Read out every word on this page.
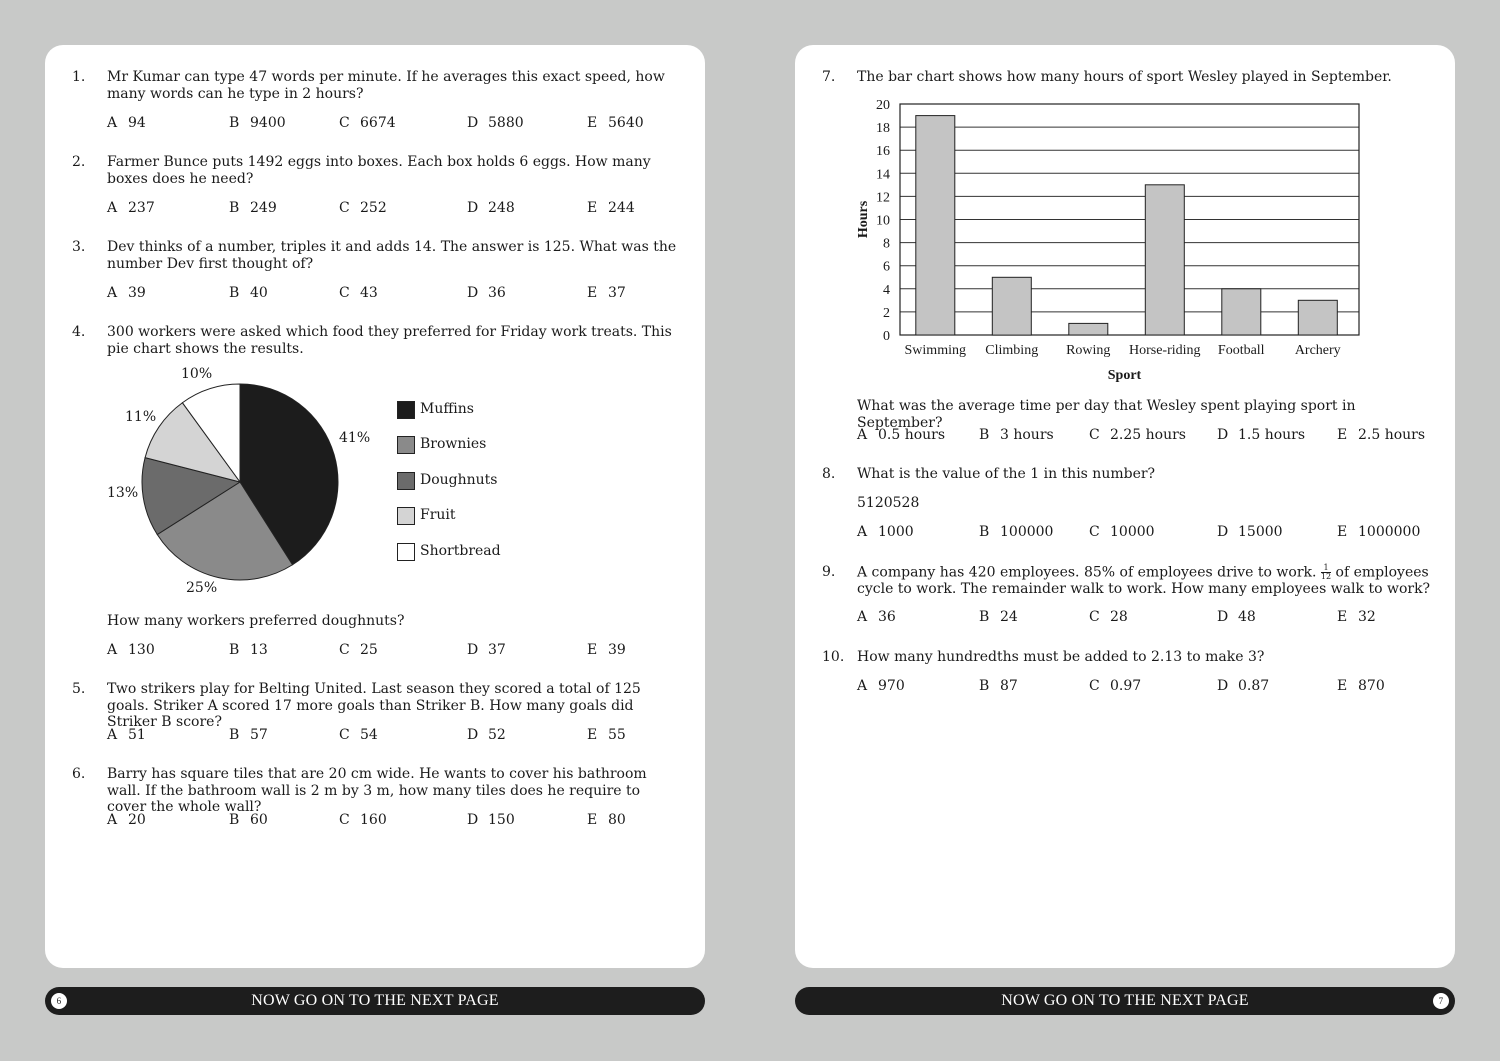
1. Mr Kumar can type 47 words per minute. If he averages this exact speed, how many words can he type in 2 hours?
A 94	B 9400	C 6674	D 5880	E 5640
2. Farmer Bunce puts 1492 eggs into boxes. Each box holds 6 eggs. How many boxes does he need?
A 237	B 249	C 252	D 248	E 244
3. Dev thinks of a number, triples it and adds 14. The answer is 125. What was the number Dev first thought of?
A 39	B 40	C 43	D 36	E 37
4. 300 workers were asked which food they preferred for Friday work treats. This pie chart shows the results.
41%
25%
13%
11%
10%
Muffins
Brownies
Doughnuts
Fruit
Shortbread
How many workers preferred doughnuts?
A 130	B 13	C 25	D 37	E 39
5. Two strikers play for Belting United. Last season they scored a total of 125 goals. Striker A scored 17 more goals than Striker B. How many goals did Striker B score?
A 51	B 57	C 54	D 52	E 55
6. Barry has square tiles that are 20 cm wide. He wants to cover his bathroom wall. If the bathroom wall is 2 m by 3 m, how many tiles does he require to cover the whole wall?
A 20	B 60	C 160	D 150	E 80
7. The bar chart shows how many hours of sport Wesley played in September.
0
2
4
6
8
10
12
14
16
18
20
Swimming Climbing Rowing Horse-riding Football Archery
Sport
Hours
What was the average time per day that Wesley spent playing sport in September?
A 0.5 hours B 3 hours	C 2.25 hours D 1.5 hours E 2.5 hours
8. What is the value of the 1 in this number?
5120528
A 1000	B 100000	C 10000	D 15000	E 1000000
9. A company has 420 employees. 85% of employees drive to work. $\frac{1}{12}$ of employees cycle to work. The remainder walk to work. How many employees walk to work?
A 36	B 24	C 28	D 48	E 32
10. How many hundredths must be added to 2.13 to make 3?
A 970	B 87	C 0.97	D 0.87	E 870
6	NOW GO ON TO THE NEXT PAGE	NOW GO ON TO THE NEXT PAGE	7
